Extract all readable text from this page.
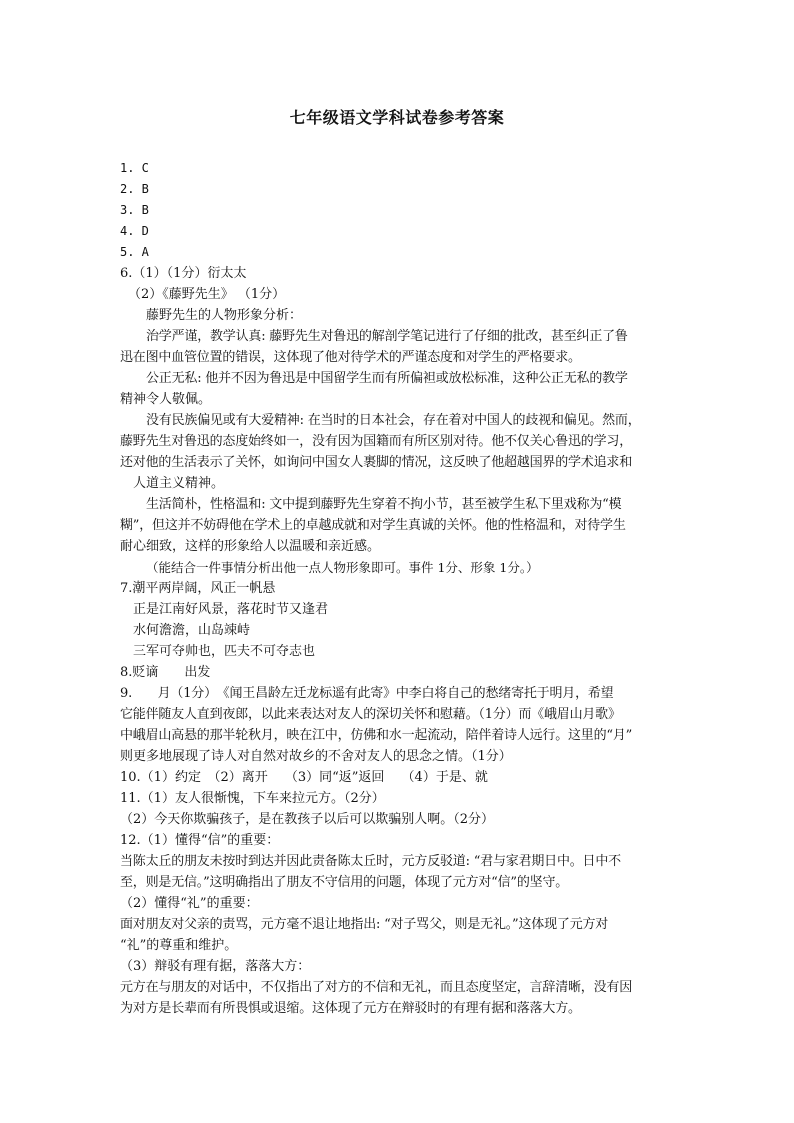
七年级语文学科试卷参考答案
1. C
2. B
3. B
4. D
5. A
6.（1）（1分）衍太太
（2）《藤野先生》 （1分）
藤野先生的人物形象分析：
治学严谨，教学认真: 藤野先生对鲁迅的解剖学笔记进行了仔细的批改，甚至纠正了鲁
迅在图中血管位置的错误，这体现了他对待学术的严谨态度和对学生的严格要求。
公正无私: 他并不因为鲁迅是中国留学生而有所偏袒或放松标准，这种公正无私的教学
精神令人敬佩。
没有民族偏见或有大爱精神: 在当时的日本社会，存在着对中国人的歧视和偏见。然而，
藤野先生对鲁迅的态度始终如一，没有因为国籍而有所区别对待。他不仅关心鲁迅的学习，
还对他的生活表示了关怀，如询问中国女人裹脚的情况，这反映了他超越国界的学术追求和
人道主义精神。
生活简朴，性格温和: 文中提到藤野先生穿着不拘小节，甚至被学生私下里戏称为“模
糊”，但这并不妨碍他在学术上的卓越成就和对学生真诚的关怀。他的性格温和，对待学生
耐心细致，这样的形象给人以温暖和亲近感。
（能结合一件事情分析出他一点人物形象即可。事件 1分、形象 1分。）
7.潮平两岸阔，风正一帆悬
正是江南好风景，落花时节又逢君
水何澹澹，山岛竦峙
三军可夺帅也，匹夫不可夺志也
8.贬谪　　出发
9.　　月（1分）　《闻王昌龄左迁龙标遥有此寄》中李白将自己的愁绪寄托于明月，希望
它能伴随友人直到夜郎，以此来表达对友人的深切关怀和慰藉。（1分）而《峨眉山月歌》
中峨眉山高悬的那半轮秋月，映在江中，仿佛和水一起流动，陪伴着诗人远行。这里的“月”
则更多地展现了诗人对自然对故乡的不舍对友人的思念之情。（1分）
10.（1）约定　（2）离开　 （3）同“返”返回　 （4）于是、就
11.（1）友人很惭愧，下车来拉元方。（2分）
（2）今天你欺骗孩子，是在教孩子以后可以欺骗别人啊。（2分）
12.（1）懂得“信”的重要：
当陈太丘的朋友未按时到达并因此责备陈太丘时，元方反驳道: “君与家君期日中。日中不
至，则是无信。”这明确指出了朋友不守信用的问题，体现了元方对“信”的坚守。
（2）懂得“礼”的重要：
面对朋友对父亲的责骂，元方毫不退让地指出: “对子骂父，则是无礼。”这体现了元方对
“礼”的尊重和维护。
（3）辩驳有理有据，落落大方：
元方在与朋友的对话中，不仅指出了对方的不信和无礼，而且态度坚定，言辞清晰，没有因
为对方是长辈而有所畏惧或退缩。这体现了元方在辩驳时的有理有据和落落大方。
